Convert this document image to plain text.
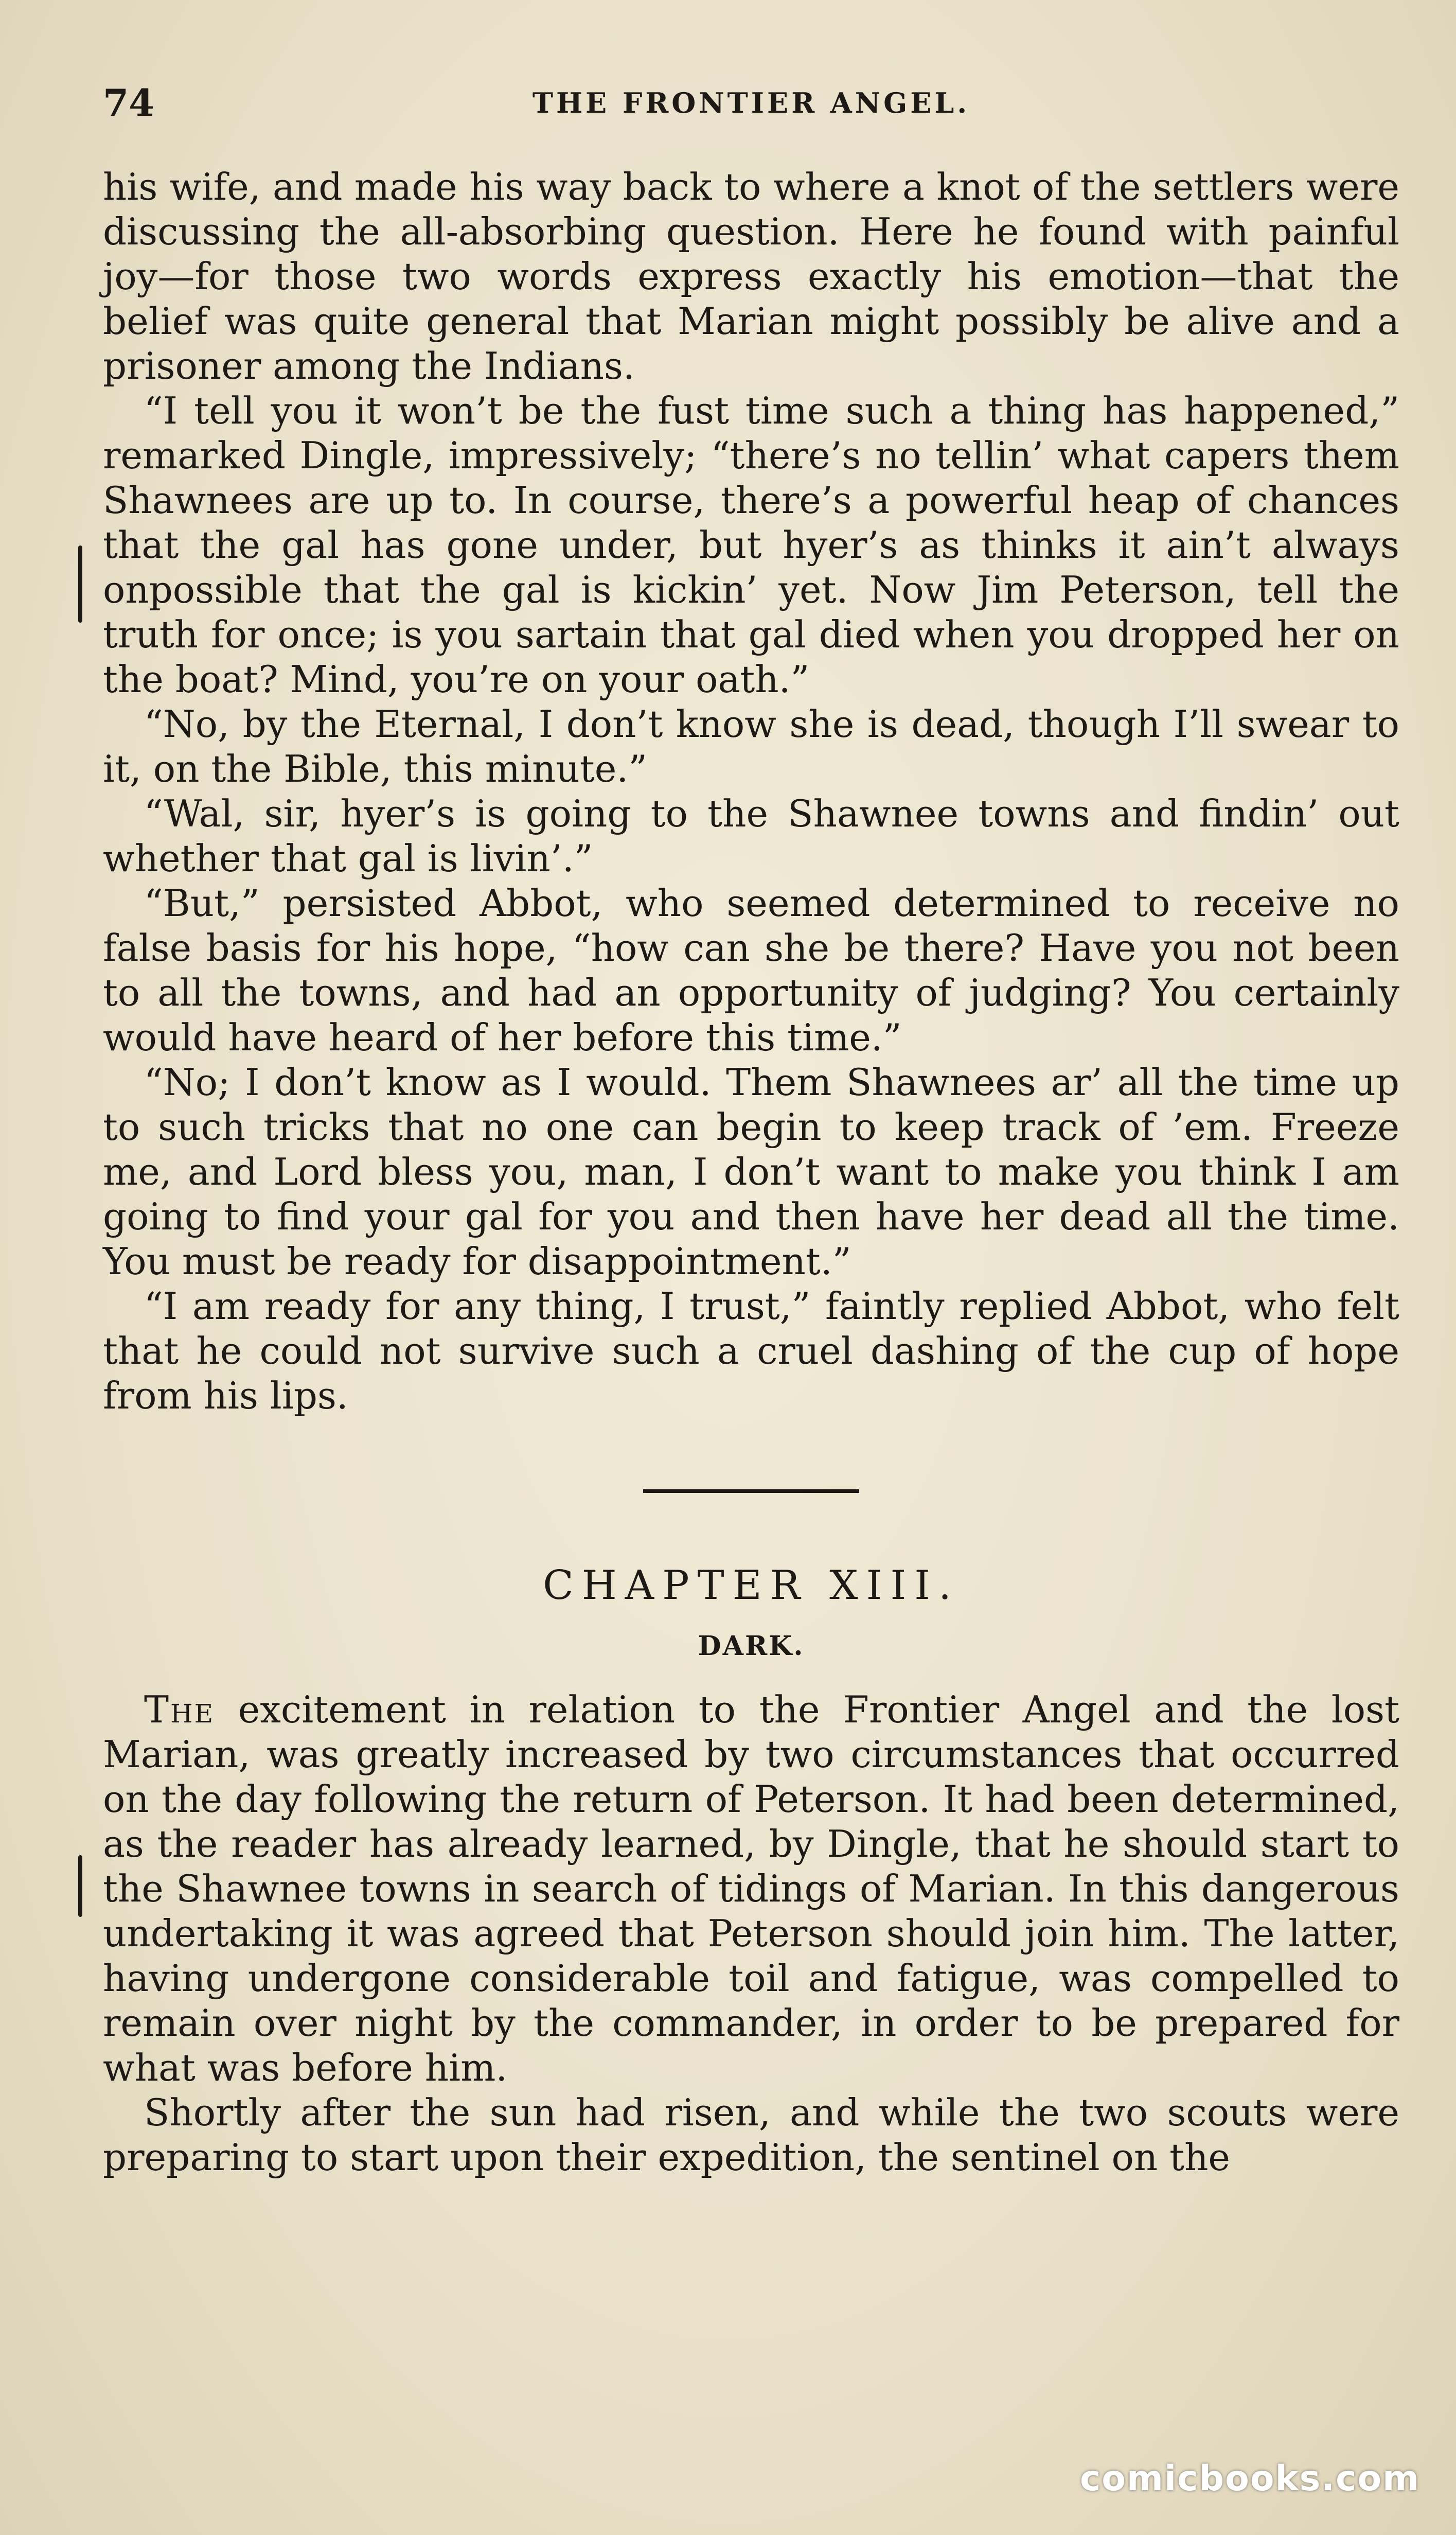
74	THE FRONTIER ANGEL.

his wife, and made his way back to where a knot of the settlers were discussing the all-absorbing question. Here he found with painful joy—for those two words express exactly his emotion—that the belief was quite general that Marian might possibly be alive and a prisoner among the Indians.

“I tell you it won’t be the fust time such a thing has happened,” remarked Dingle, impressively; “there’s no tellin’ what capers them Shawnees are up to. In course, there’s a powerful heap of chances that the gal has gone under, but hyer’s as thinks it ain’t always onpossible that the gal is kickin’ yet. Now Jim Peterson, tell the truth for once; is you sartain that gal died when you dropped her on the boat? Mind, you’re on your oath.”

“No, by the Eternal, I don’t know she is dead, though I’ll swear to it, on the Bible, this minute.”

“Wal, sir, hyer’s is going to the Shawnee towns and findin’ out whether that gal is livin’.”

“But,” persisted Abbot, who seemed determined to receive no false basis for his hope, “how can she be there? Have you not been to all the towns, and had an opportunity of judging? You certainly would have heard of her before this time.”

“No; I don’t know as I would. Them Shawnees ar’ all the time up to such tricks that no one can begin to keep track of ’em. Freeze me, and Lord bless you, man, I don’t want to make you think I am going to find your gal for you and then have her dead all the time. You must be ready for disappointment.”

“I am ready for any thing, I trust,” faintly replied Abbot, who felt that he could not survive such a cruel dashing of the cup of hope from his lips.

CHAPTER XIII.
DARK.

The excitement in relation to the Frontier Angel and the lost Marian, was greatly increased by two circumstances that occurred on the day following the return of Peterson. It had been determined, as the reader has already learned, by Dingle, that he should start to the Shawnee towns in search of tidings of Marian. In this dangerous undertaking it was agreed that Peterson should join him. The latter, having undergone considerable toil and fatigue, was compelled to remain over night by the commander, in order to be prepared for what was before him.

Shortly after the sun had risen, and while the two scouts were preparing to start upon their expedition, the sentinel on the

comicbooks.com
